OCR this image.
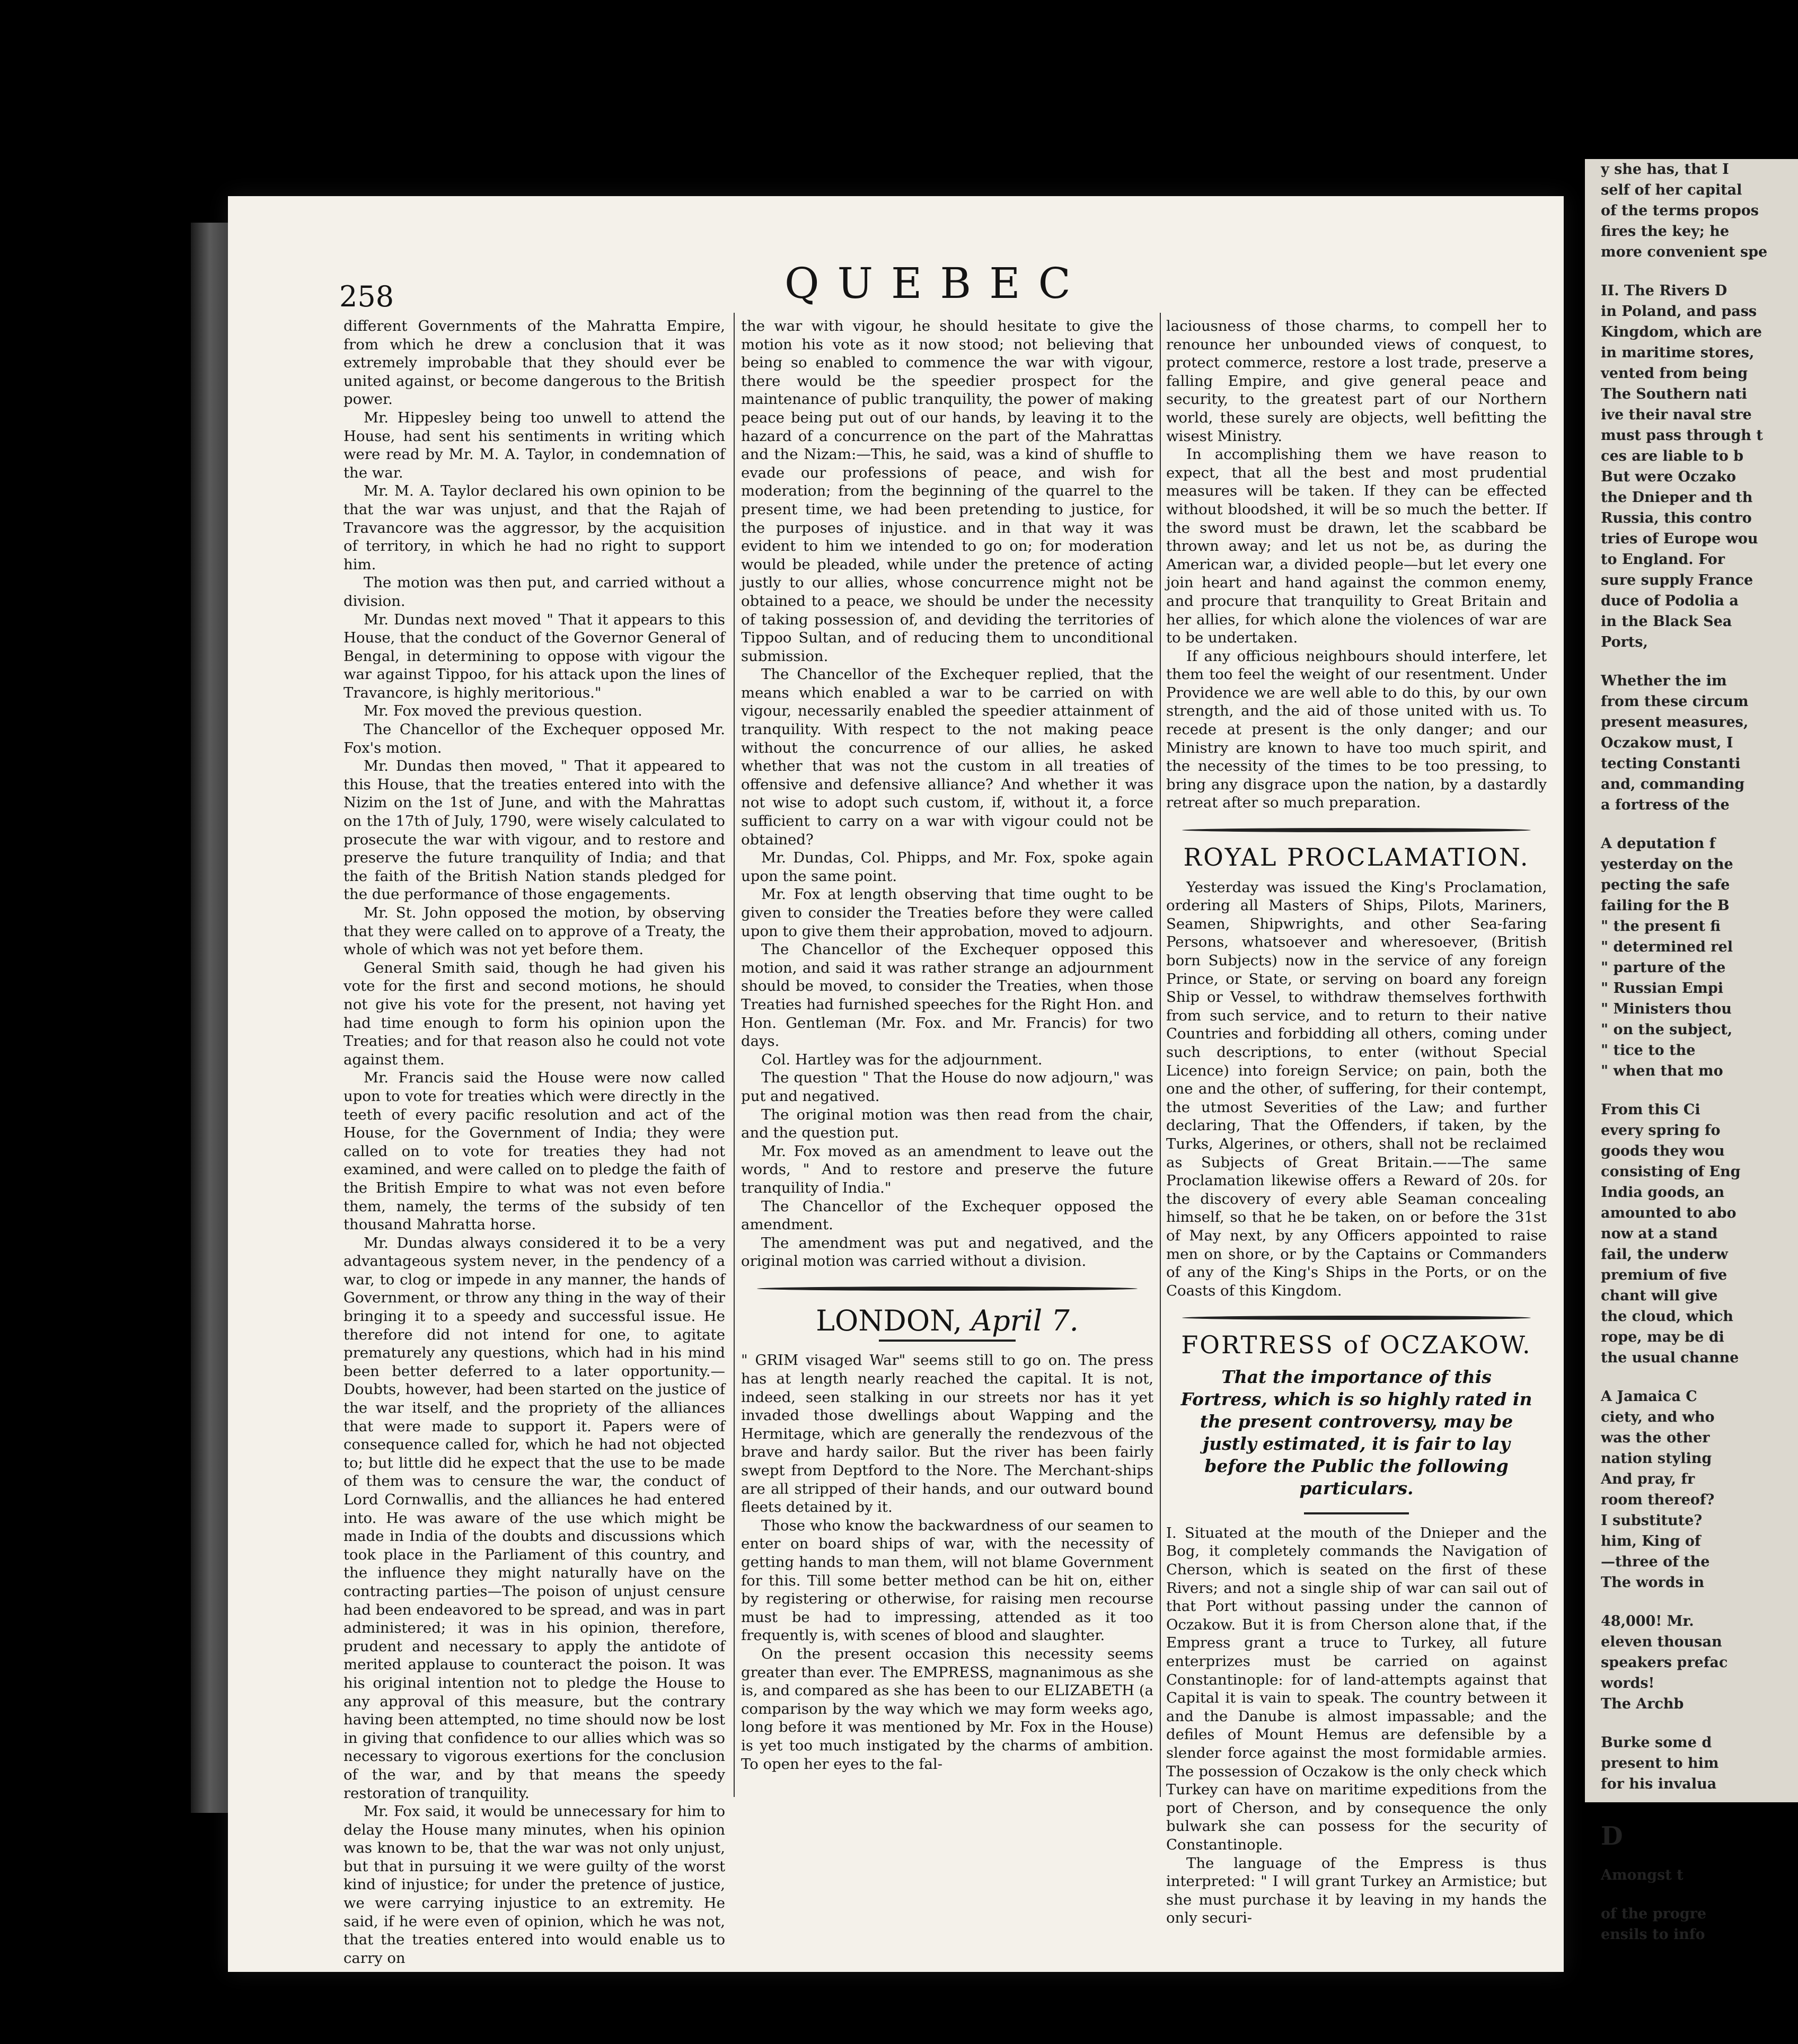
y she has, that I
self of her capital
of the terms propos
fires the key; he
more convenient spe
II. The Rivers D
in Poland, and pass
Kingdom, which are
in maritime stores,
vented from being
The Southern nati
ive their naval stre
must pass through t
ces are liable to b
But were Oczako
the Dnieper and th
Russia, this contro
tries of Europe wou
to England. For
sure supply France
duce of Podolia a
in the Black Sea
Ports,
Whether the im
from these circum
present measures,
Oczakow must, I
tecting Constanti
and, commanding
a fortress of the
A deputation f
yesterday on the
pecting the safe
failing for the B
" the present fi
" determined rel
" parture of the
" Russian Empi
" Ministers thou
" on the subject,
" tice to the
" when that mo
From this Ci
every spring fo
goods they wou
consisting of Eng
India goods, an
amounted to abo
now at a stand
fail, the underw
premium of five
chant will give
the cloud, which
rope, may be di
the usual channe
A Jamaica C
ciety, and who
was the other
nation styling
And pray, fr
room thereof?
I substitute?
him, King of
—three of the
The words in
48,000! Mr.
eleven thousan
speakers prefac
words!
The Archb
Burke some d
present to him
for his invalua
D
Amongst t
of the progre
ensils to info
258	QUEBEC

different Governments of the Mahratta Empire, from which he drew a conclusion that it was extremely improbable that they should ever be united against, or become dangerous to the British power.

Mr. Hippesley being too unwell to attend the House, had sent his sentiments in writing which were read by Mr. M. A. Taylor, in condemnation of the war.

Mr. M. A. Taylor declared his own opinion to be that the war was unjust, and that the Rajah of Travancore was the aggressor, by the acquisition of territory, in which he had no right to support him.

The motion was then put, and carried without a division.

Mr. Dundas next moved " That it appears to this House, that the conduct of the Governor General of Bengal, in determining to oppose with vigour the war against Tippoo, for his attack upon the lines of Travancore, is highly meritorious."

Mr. Fox moved the previous question.

The Chancellor of the Exchequer opposed Mr. Fox's motion.

Mr. Dundas then moved, " That it appeared to this House, that the treaties entered into with the Nizim on the 1st of June, and with the Mahrattas on the 17th of July, 1790, were wisely calculated to prosecute the war with vigour, and to restore and preserve the future tranquility of India; and that the faith of the British Nation stands pledged for the due performance of those engagements.

Mr. St. John opposed the motion, by observing that they were called on to approve of a Treaty, the whole of which was not yet before them.

General Smith said, though he had given his vote for the first and second motions, he should not give his vote for the present, not having yet had time enough to form his opinion upon the Treaties; and for that reason also he could not vote against them.

Mr. Francis said the House were now called upon to vote for treaties which were directly in the teeth of every pacific resolution and act of the House, for the Government of India; they were called on to vote for treaties they had not examined, and were called on to pledge the faith of the British Empire to what was not even before them, namely, the terms of the subsidy of ten thousand Mahratta horse.

Mr. Dundas always considered it to be a very advantageous system never, in the pendency of a war, to clog or impede in any manner, the hands of Government, or throw any thing in the way of their bringing it to a speedy and successful issue. He therefore did not intend for one, to agitate prematurely any questions, which had in his mind been better deferred to a later opportunity.—Doubts, however, had been started on the justice of the war itself, and the propriety of the alliances that were made to support it. Papers were of consequence called for, which he had not objected to; but little did he expect that the use to be made of them was to censure the war, the conduct of Lord Cornwallis, and the alliances he had entered into. He was aware of the use which might be made in India of the doubts and discussions which took place in the Parliament of this country, and the influence they might naturally have on the contracting parties—The poison of unjust censure had been endeavored to be spread, and was in part administered; it was in his opinion, therefore, prudent and necessary to apply the antidote of merited applause to counteract the poison. It was his original intention not to pledge the House to any approval of this measure, but the contrary having been attempted, no time should now be lost in giving that confidence to our allies which was so necessary to vigorous exertions for the conclusion of the war, and by that means the speedy restoration of tranquility.

Mr. Fox said, it would be unnecessary for him to delay the House many minutes, when his opinion was known to be, that the war was not only unjust, but that in pursuing it we were guilty of the worst kind of injustice; for under the pretence of justice, we were carrying injustice to an extremity. He said, if he were even of opinion, which he was not, that the treaties entered into would enable us to carry on

the war with vigour, he should hesitate to give the motion his vote as it now stood; not believing that being so enabled to commence the war with vigour, there would be the speedier prospect for the maintenance of public tranquility, the power of making peace being put out of our hands, by leaving it to the hazard of a concurrence on the part of the Mahrattas and the Nizam:—This, he said, was a kind of shuffle to evade our professions of peace, and wish for moderation; from the beginning of the quarrel to the present time, we had been pretending to justice, for the purposes of injustice. and in that way it was evident to him we intended to go on; for moderation would be pleaded, while under the pretence of acting justly to our allies, whose concurrence might not be obtained to a peace, we should be under the necessity of taking possession of, and deviding the territories of Tippoo Sultan, and of reducing them to unconditional submission.

The Chancellor of the Exchequer replied, that the means which enabled a war to be carried on with vigour, necessarily enabled the speedier attainment of tranquility. With respect to the not making peace without the concurrence of our allies, he asked whether that was not the custom in all treaties of offensive and defensive alliance? And whether it was not wise to adopt such custom, if, without it, a force sufficient to carry on a war with vigour could not be obtained?

Mr. Dundas, Col. Phipps, and Mr. Fox, spoke again upon the same point.

Mr. Fox at length observing that time ought to be given to consider the Treaties before they were called upon to give them their approbation, moved to adjourn.

The Chancellor of the Exchequer opposed this motion, and said it was rather strange an adjournment should be moved, to consider the Treaties, when those Treaties had furnished speeches for the Right Hon. and Hon. Gentleman (Mr. Fox. and Mr. Francis) for two days.

Col. Hartley was for the adjournment.

The question " That the House do now adjourn," was put and negatived.

The original motion was then read from the chair, and the question put.

Mr. Fox moved as an amendment to leave out the words, " And to restore and preserve the future tranquility of India."

The Chancellor of the Exchequer opposed the amendment.

The amendment was put and negatived, and the original motion was carried without a division.

LONDON, April 7.

" GRIM visaged War" seems still to go on. The press has at length nearly reached the capital. It is not, indeed, seen stalking in our streets nor has it yet invaded those dwellings about Wapping and the Hermitage, which are generally the rendezvous of the brave and hardy sailor. But the river has been fairly swept from Deptford to the Nore. The Merchant-ships are all stripped of their hands, and our outward bound fleets detained by it.

Those who know the backwardness of our seamen to enter on board ships of war, with the necessity of getting hands to man them, will not blame Government for this. Till some better method can be hit on, either by registering or otherwise, for raising men recourse must be had to impressing, attended as it too frequently is, with scenes of blood and slaughter.

On the present occasion this necessity seems greater than ever. The EMPRESS, magnanimous as she is, and compared as she has been to our ELIZABETH (a comparison by the way which we may form weeks ago, long before it was mentioned by Mr. Fox in the House) is yet too much instigated by the charms of ambition. To open her eyes to the fal-

laciousness of those charms, to compell her to renounce her unbounded views of conquest, to protect commerce, restore a lost trade, preserve a falling Empire, and give general peace and security, to the greatest part of our Northern world, these surely are objects, well befitting the wisest Ministry.

In accomplishing them we have reason to expect, that all the best and most prudential measures will be taken. If they can be effected without bloodshed, it will be so much the better. If the sword must be drawn, let the scabbard be thrown away; and let us not be, as during the American war, a divided people—but let every one join heart and hand against the common enemy, and procure that tranquility to Great Britain and her allies, for which alone the violences of war are to be undertaken.

If any officious neighbours should interfere, let them too feel the weight of our resentment. Under Providence we are well able to do this, by our own strength, and the aid of those united with us. To recede at present is the only danger; and our Ministry are known to have too much spirit, and the necessity of the times to be too pressing, to bring any disgrace upon the nation, by a dastardly retreat after so much preparation.

ROYAL PROCLAMATION.

Yesterday was issued the King's Proclamation, ordering all Masters of Ships, Pilots, Mariners, Seamen, Shipwrights, and other Sea-faring Persons, whatsoever and wheresoever, (British born Subjects) now in the service of any foreign Prince, or State, or serving on board any foreign Ship or Vessel, to withdraw themselves forthwith from such service, and to return to their native Countries and forbidding all others, coming under such descriptions, to enter (without Special Licence) into foreign Service; on pain, both the one and the other, of suffering, for their contempt, the utmost Severities of the Law; and further declaring, That the Offenders, if taken, by the Turks, Algerines, or others, shall not be reclaimed as Subjects of Great Britain.——The same Proclamation likewise offers a Reward of 20s. for the discovery of every able Seaman concealing himself, so that he be taken, on or before the 31st of May next, by any Officers appointed to raise men on shore, or by the Captains or Commanders of any of the King's Ships in the Ports, or on the Coasts of this Kingdom.

FORTRESS of OCZAKOW.
That the importance of this Fortress, which is so highly rated in the present controversy, may be justly estimated, it is fair to lay before the Public the following particulars.

I. Situated at the mouth of the Dnieper and the Bog, it completely commands the Navigation of Cherson, which is seated on the first of these Rivers; and not a single ship of war can sail out of that Port without passing under the cannon of Oczakow. But it is from Cherson alone that, if the Empress grant a truce to Turkey, all future enterprizes must be carried on against Constantinople: for of land-attempts against that Capital it is vain to speak. The country between it and the Danube is almost impassable; and the defiles of Mount Hemus are defensible by a slender force against the most formidable armies. The possession of Oczakow is the only check which Turkey can have on maritime expeditions from the port of Cherson, and by consequence the only bulwark she can possess for the security of Constantinople.

The language of the Empress is thus interpreted: " I will grant Turkey an Armistice; but she must purchase it by leaving in my hands the only securi-
